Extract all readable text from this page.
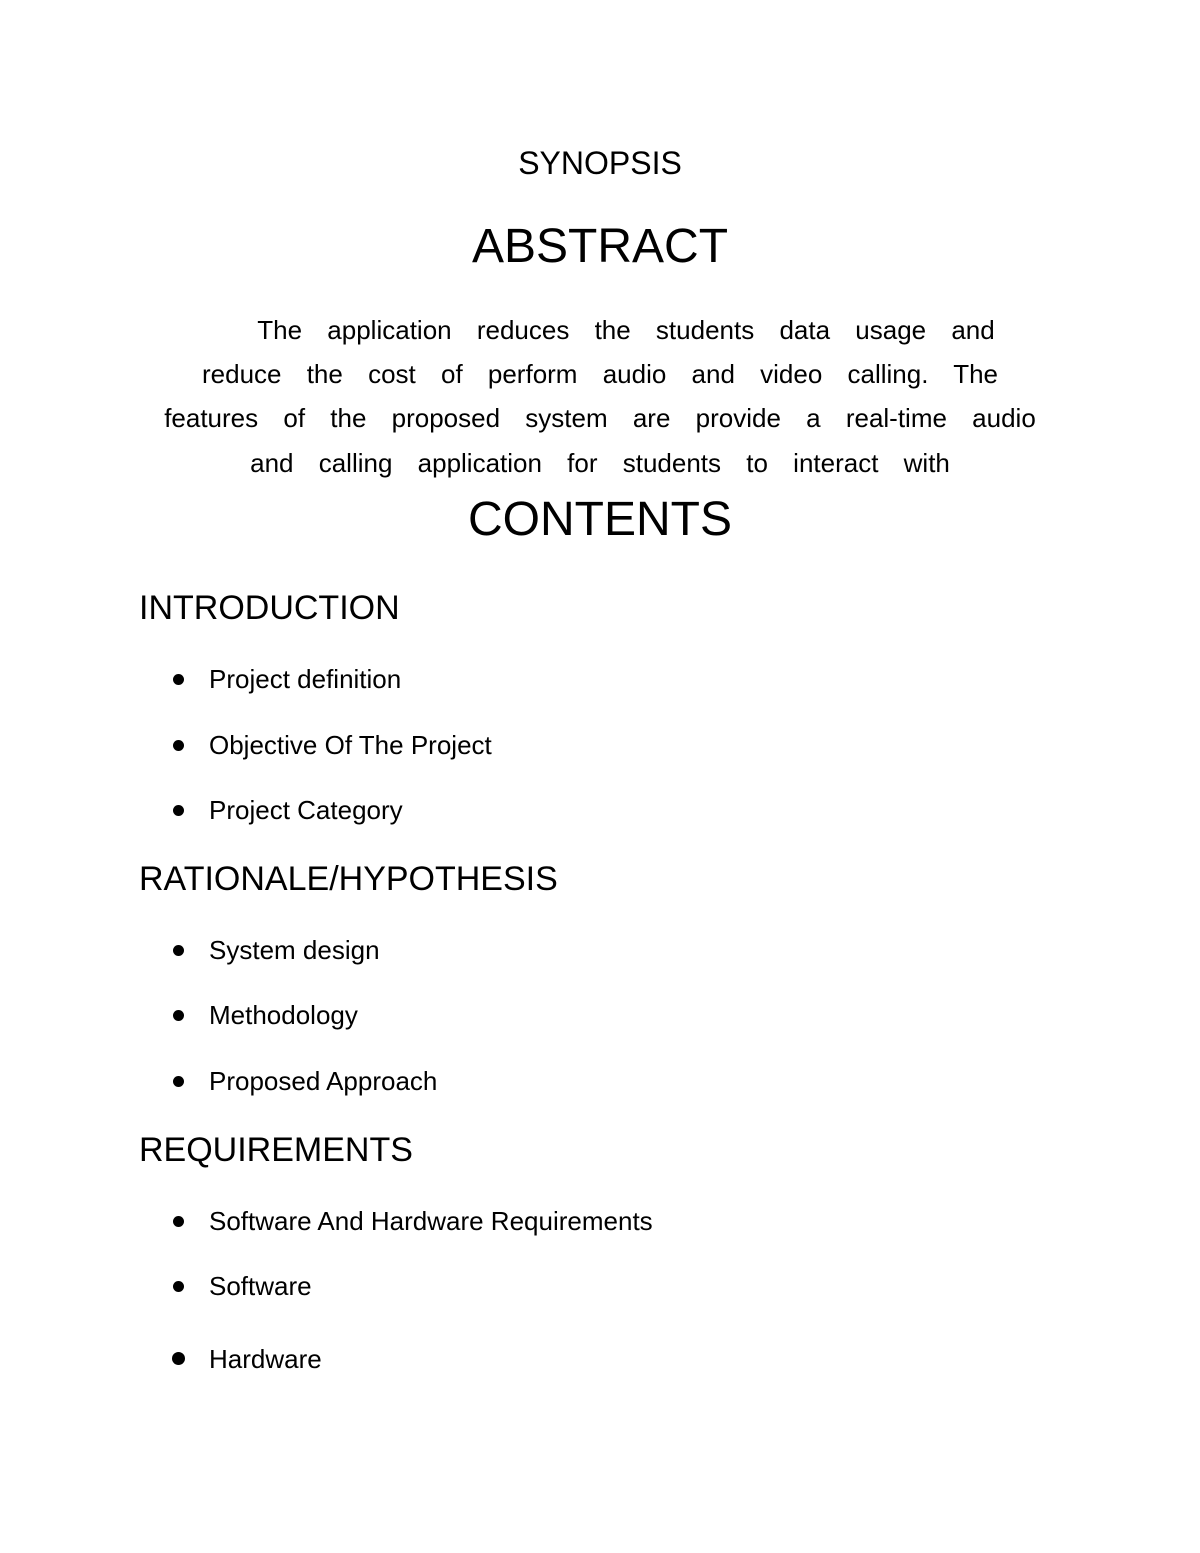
SYNOPSIS
ABSTRACT
The application reduces the students data usage and
reduce the cost of perform audio and video calling. The
features of the proposed system are provide a real-time audio
and calling application for students to interact with
CONTENTS
INTRODUCTION
Project definition
Objective Of The Project
Project Category
RATIONALE/HYPOTHESIS
System design
Methodology
Proposed Approach
REQUIREMENTS
Software And Hardware Requirements
Software
Hardware
